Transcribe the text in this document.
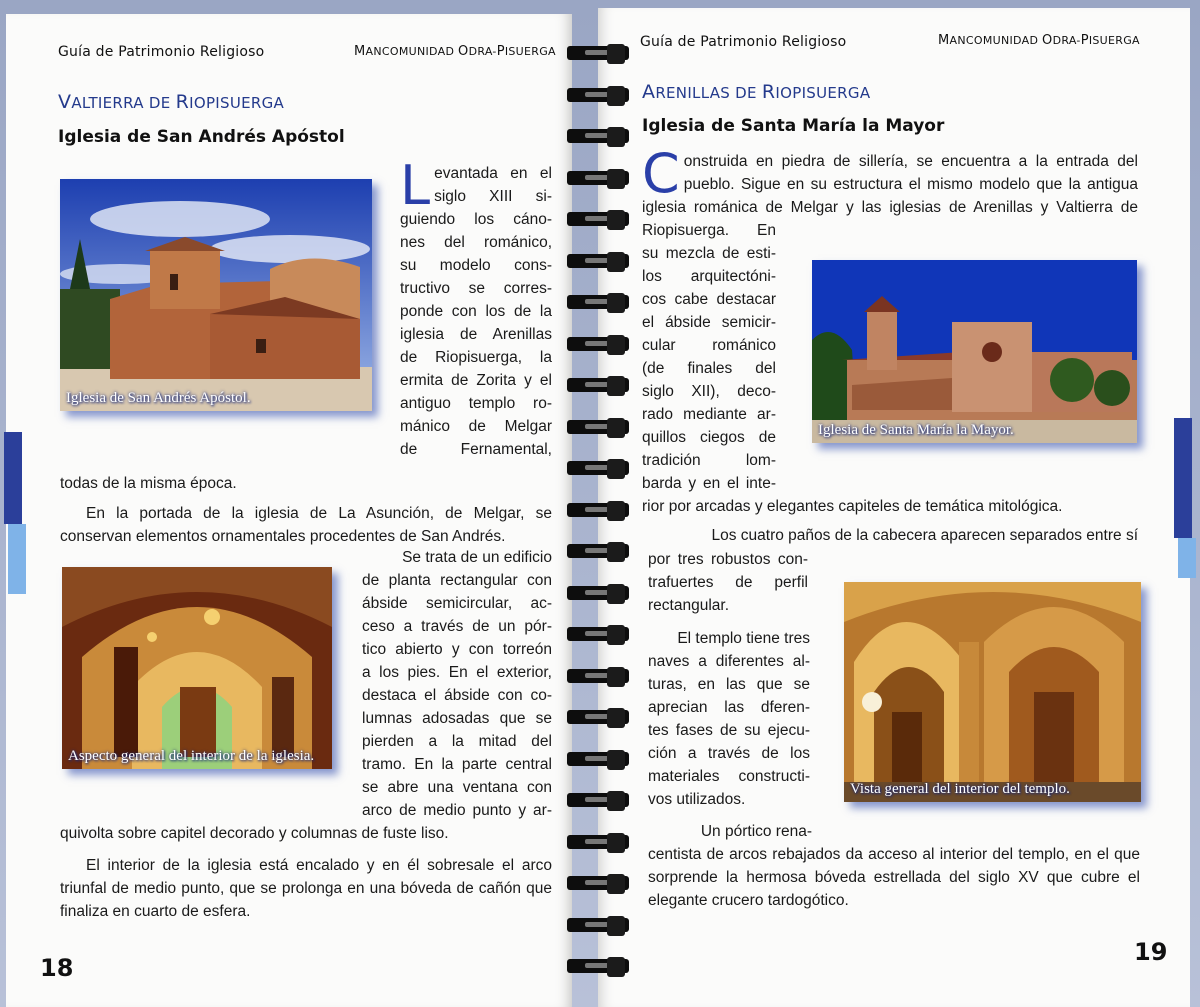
Guía de Patrimonio Religioso	MANCOMUNIDAD ODRA-PISUERGA
VALTIERRA DE RIOPISUERGA
Iglesia de San Andrés Apóstol
Iglesia de San Andrés Apóstol.
L evantada en el
siglo XIII si-
guiendo los cáno-
nes del románico,
su modelo cons-
tructivo se corres-
ponde con los de la
iglesia de Arenillas
de Riopisuerga, la
ermita de Zorita y el
antiguo templo ro-
mánico de Melgar
de Fernamental,
todas de la misma época.
En la portada de la iglesia de La Asunción, de Melgar, se conservan elementos ornamentales procedentes de San Andrés.
Aspecto general del interior de la iglesia.
Se trata de un edificio
de planta rectangular con
ábside semicircular, ac-
ceso a través de un pór-
tico abierto y con torreón
a los pies. En el exterior,
destaca el ábside con co-
lumnas adosadas que se
pierden a la mitad del
tramo. En la parte central
se abre una ventana con
arco de medio punto y ar-
quivolta sobre capitel decorado y columnas de fuste liso.
El interior de la iglesia está encalado y en él sobresale el arco triunfal de medio punto, que se prolonga en una bóveda de cañón que finaliza en cuarto de esfera.
18
Guía de Patrimonio Religioso	MANCOMUNIDAD ODRA-PISUERGA
ARENILLAS DE RIOPISUERGA
Iglesia de Santa María la Mayor
C onstruida en piedra de sillería, se encuentra a la entrada del
pueblo. Sigue en su estructura el mismo modelo que la antigua
iglesia románica de Melgar y las iglesias de Arenillas y Valtierra de
Riopisuerga. En
su mezcla de esti-
los arquitectóni-
cos cabe destacar
el ábside semicir-
cular románico
(de finales del
siglo XII), deco-
rado mediante ar-
quillos ciegos de
tradición lom-
barda y en el inte-
rior por arcadas y elegantes capiteles de temática mitológica.
Iglesia de Santa María la Mayor.
Los cuatro paños de la cabecera aparecen separados entre sí
por tres robustos con-
trafuertes de perfil
rectangular.
El templo tiene tres
naves a diferentes al-
turas, en las que se
aprecian las dferen-
tes fases de su ejecu-
ción a través de los
materiales constructi-
vos utilizados.
Vista general del interior del templo.
Un pórtico rena-
centista de arcos rebajados da acceso al interior del templo, en el que sorprende la hermosa bóveda estrellada del siglo XV que cubre el elegante crucero tardogótico.
19
